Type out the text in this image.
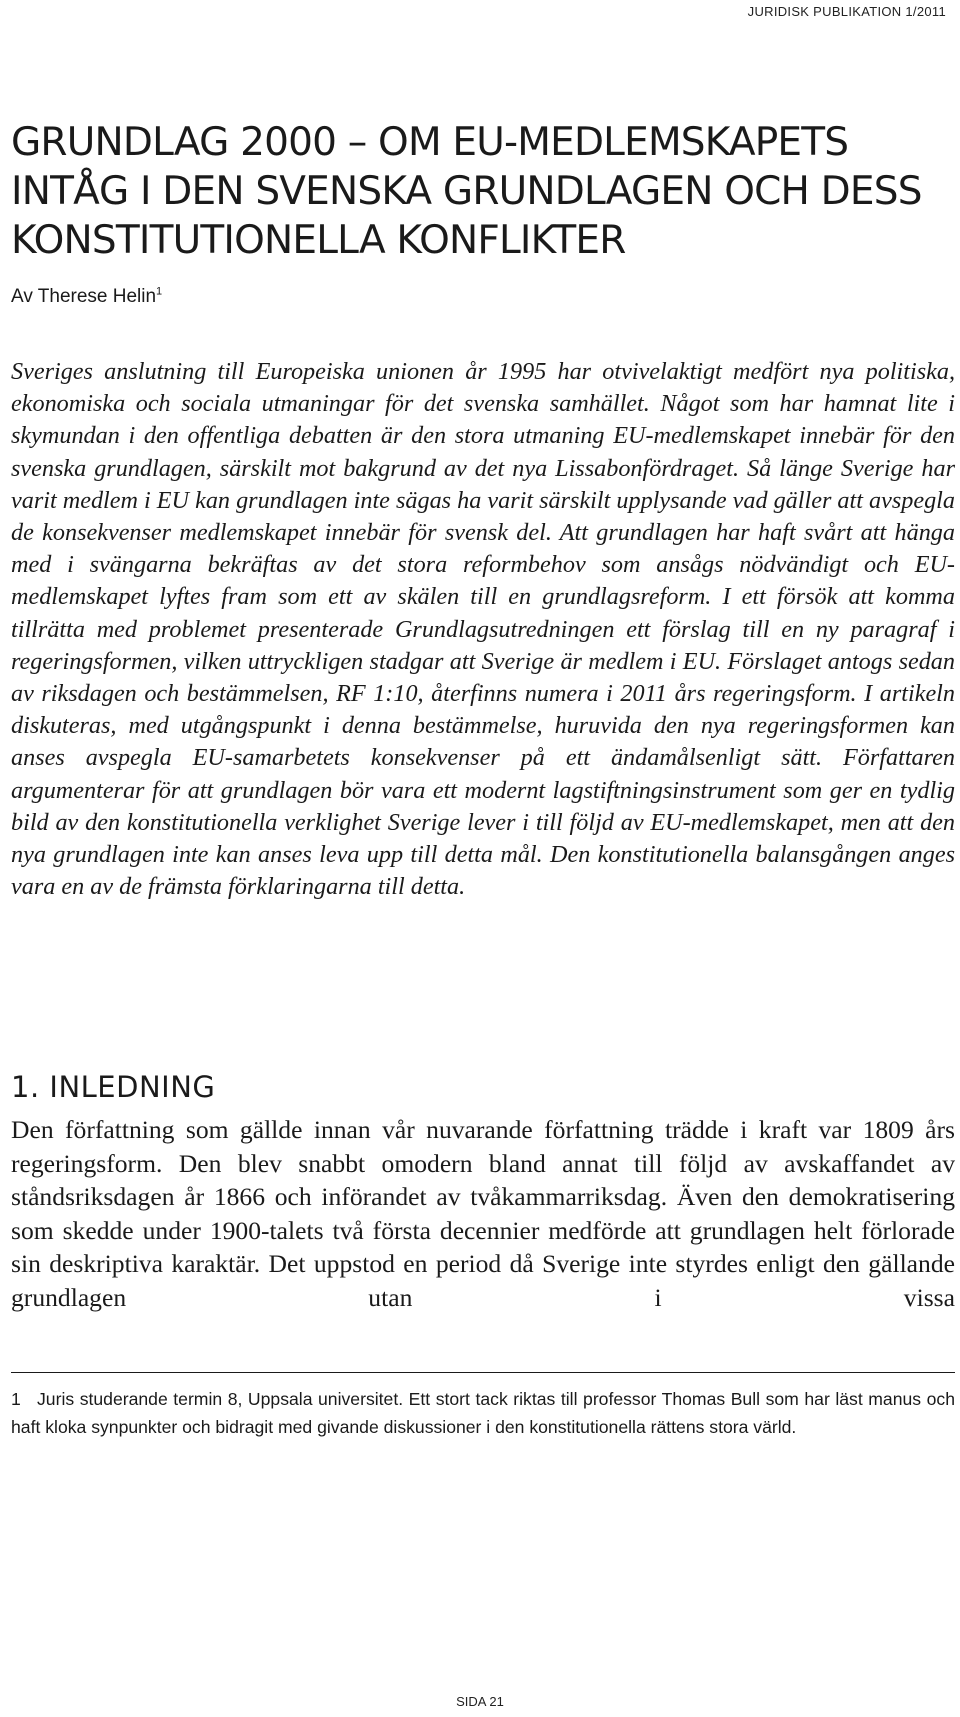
JURIDISK PUBLIKATION 1/2011
GRUNDLAG 2000 – OM EU-MEDLEMSKAPETS INTÅG I DEN SVENSKA GRUNDLAGEN OCH DESS KONSTITUTIONELLA KONFLIKTER
Av Therese Helin$^1$

Sveriges anslutning till Europeiska unionen år 1995 har otvivelaktigt medfört nya politiska, ekonomiska och sociala utmaningar för det svenska samhället. Något som har hamnat lite i skymundan i den offentliga debatten är den stora utmaning EU-medlemskapet innebär för den svenska grundlagen, särskilt mot bakgrund av det nya Lissabonfördraget. Så länge Sverige har varit medlem i EU kan grundlagen inte sägas ha varit särskilt upplysande vad gäller att avspegla de konsekvenser medlemskapet innebär för svensk del. Att grundlagen har haft svårt att hänga med i svängarna bekräftas av det stora reformbehov som ansågs nödvändigt och EU-medlemskapet lyftes fram som ett av skälen till en grundlagsreform. I ett försök att komma tillrätta med problemet presenterade Grundlagsutredningen ett förslag till en ny paragraf i regeringsformen, vilken uttryckligen stadgar att Sverige är medlem i EU. Förslaget antogs sedan av riksdagen och bestämmelsen, RF 1:10, återfinns numera i 2011 års regeringsform. I artikeln diskuteras, med utgångspunkt i denna bestämmelse, huruvida den nya regeringsformen kan anses avspegla EU-samarbetets konsekvenser på ett ändamålsenligt sätt. Författaren argumenterar för att grundlagen bör vara ett modernt lagstiftningsinstrument som ger en tydlig bild av den konstitutionella verklighet Sverige lever i till följd av EU-medlemskapet, men att den nya grundlagen inte kan anses leva upp till detta mål. Den konstitutionella balansgången anges vara en av de främsta förklaringarna till detta.

1. INLEDNING

Den författning som gällde innan vår nuvarande författning trädde i kraft var 1809 års regeringsform. Den blev snabbt omodern bland annat till följd av avskaffandet av ståndsriksdagen år 1866 och införandet av tvåkammarriksdag. Även den demokratisering som skedde under 1900-talets två första decennier medförde att grundlagen helt förlorade sin deskriptiva karaktär. Det uppstod en period då Sverige inte styrdes enligt den gällande grundlagen utan i vissa

1 Juris studerande termin 8, Uppsala universitet. Ett stort tack riktas till professor Thomas Bull som har läst manus och haft kloka synpunkter och bidragit med givande diskussioner i den konstitutionella rättens stora värld.

SIDA 21
